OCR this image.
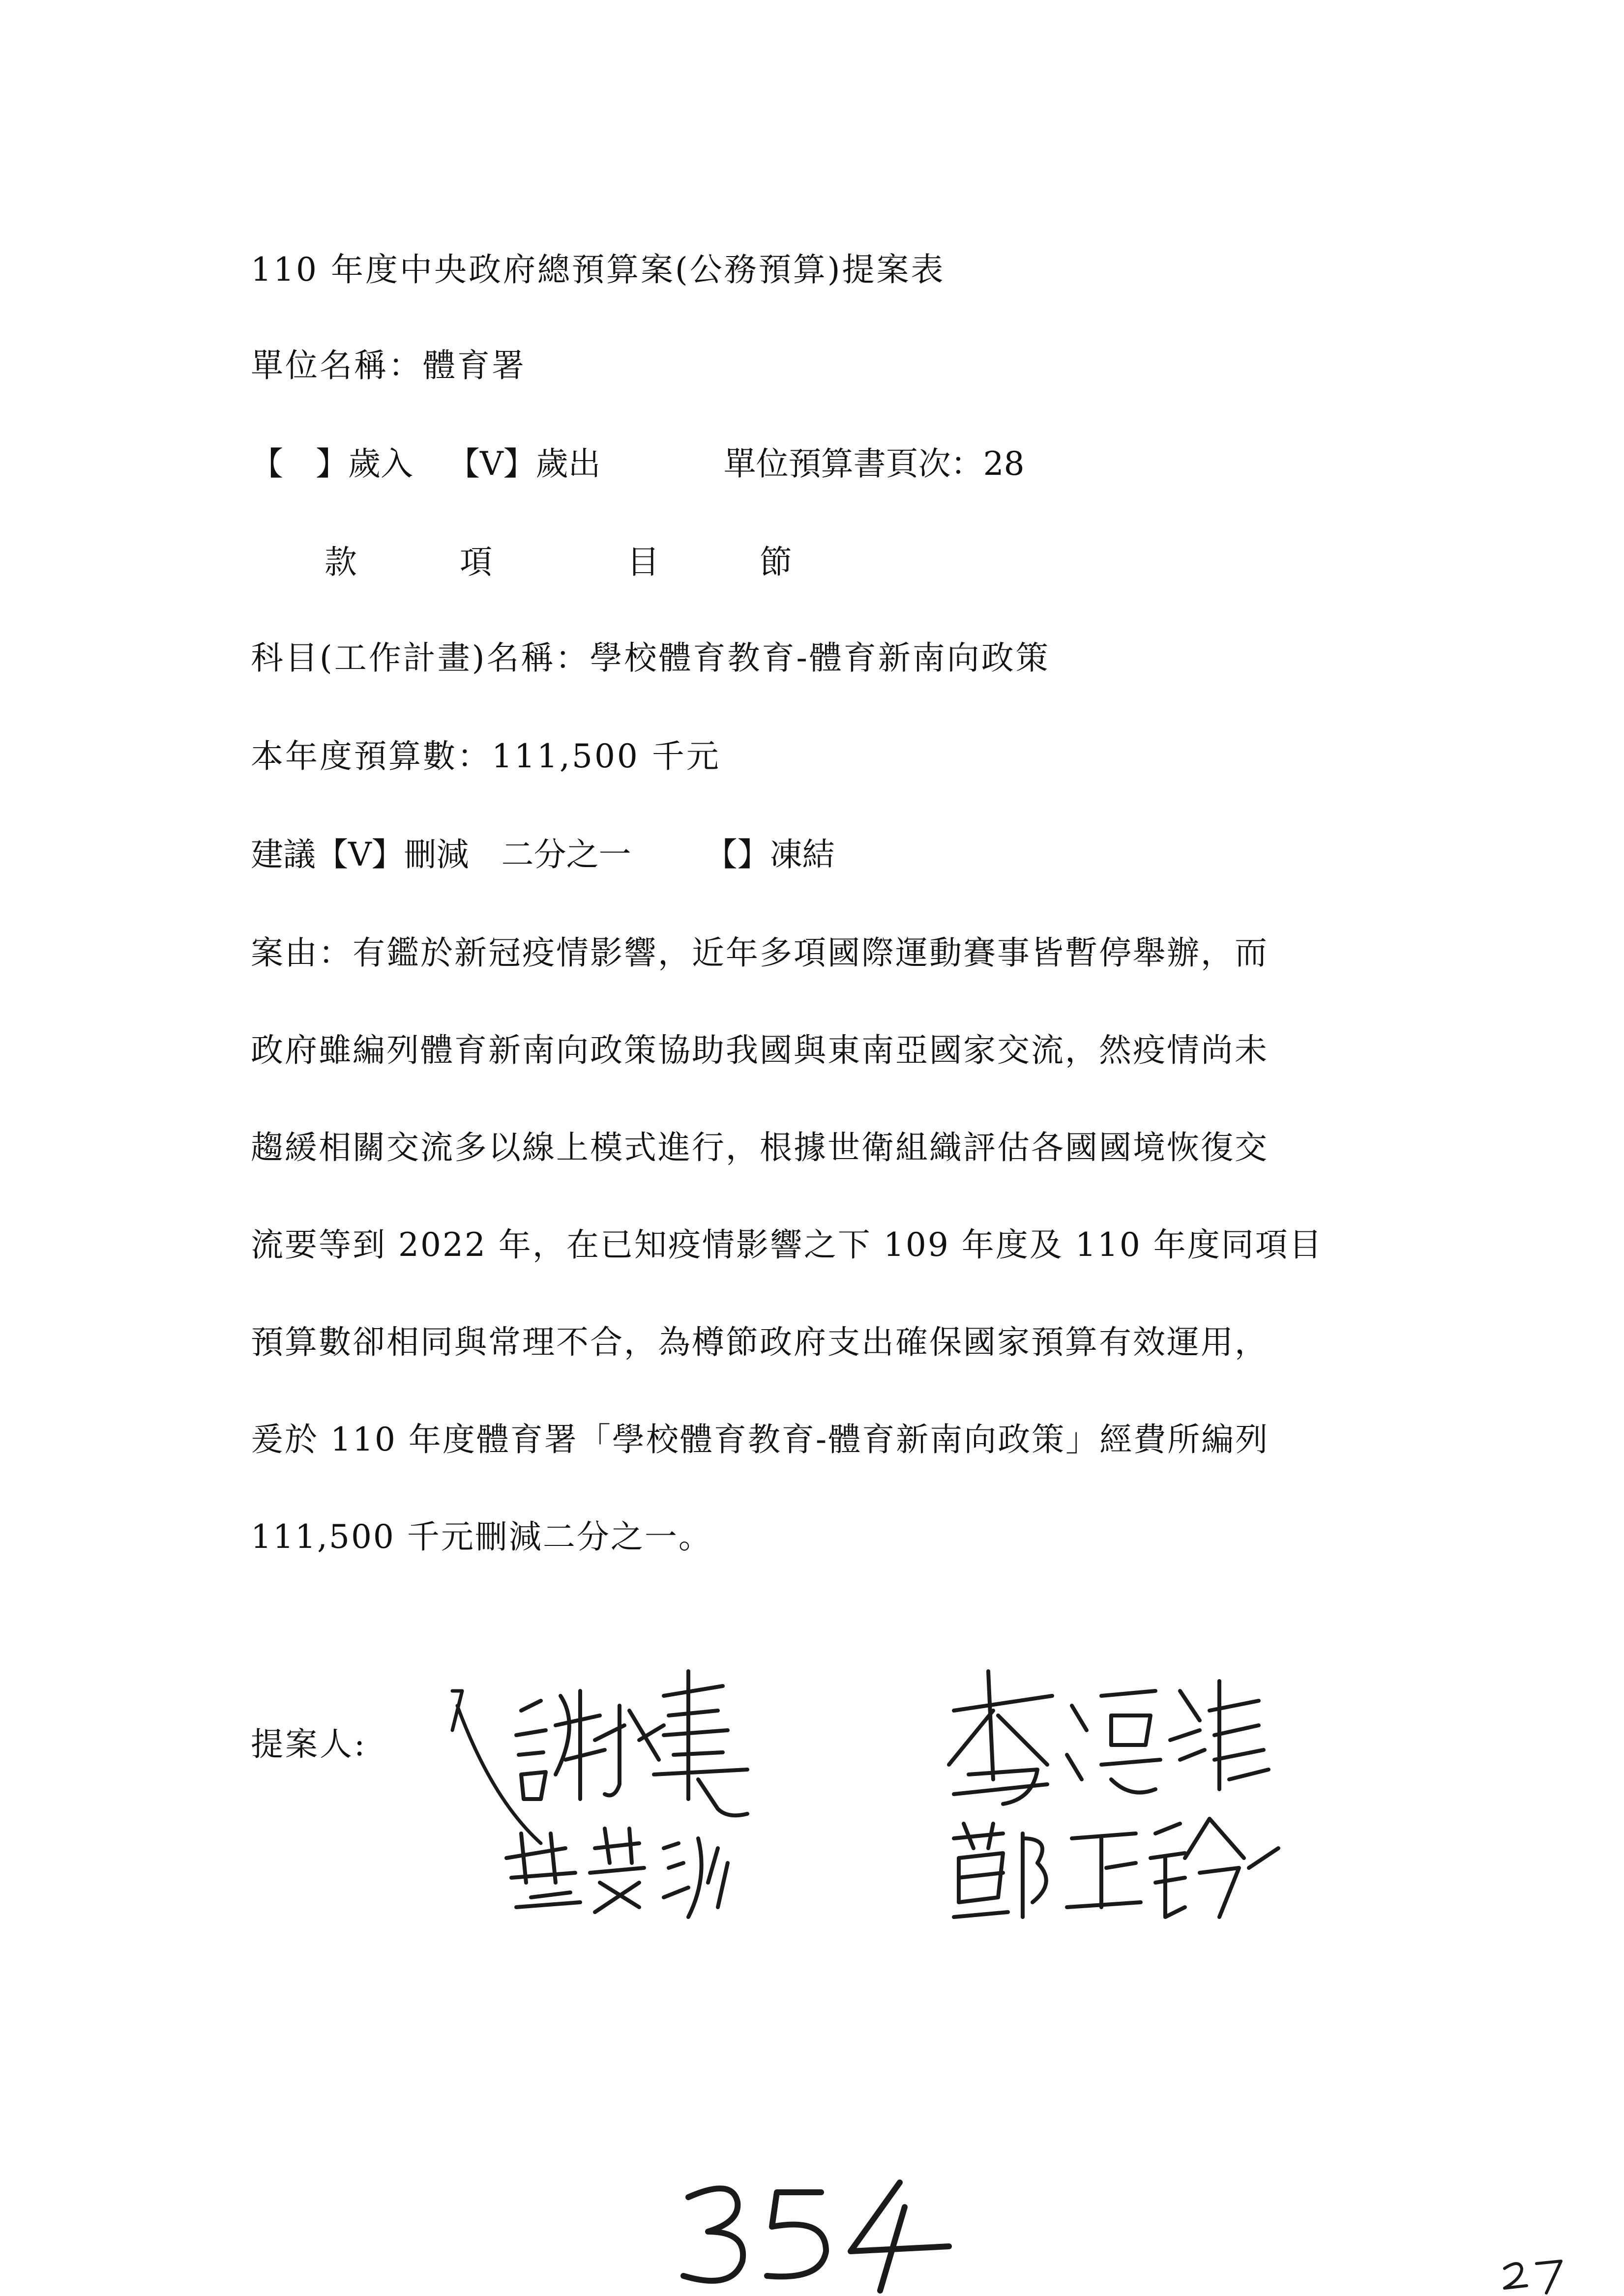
110 年度中央政府總預算案(公務預算)提案表
單位名稱：體育署
【　】歲入 【V】歲出	單位預算書頁次：28
款	項	目	節
科目(工作計畫)名稱：學校體育教育-體育新南向政策
本年度預算數：111,500 千元
建議【V】刪減　二分之一 【】凍結
案由：有鑑於新冠疫情影響，近年多項國際運動賽事皆暫停舉辦，而
政府雖編列體育新南向政策協助我國與東南亞國家交流，然疫情尚未
趨緩相關交流多以線上模式進行，根據世衛組織評估各國國境恢復交
流要等到 2022 年，在已知疫情影響之下 109 年度及 110 年度同項目
預算數卻相同與常理不合，為樽節政府支出確保國家預算有效運用，
爰於 110 年度體育署「學校體育教育-體育新南向政策」經費所編列
111,500 千元刪減二分之一。
提案人:
